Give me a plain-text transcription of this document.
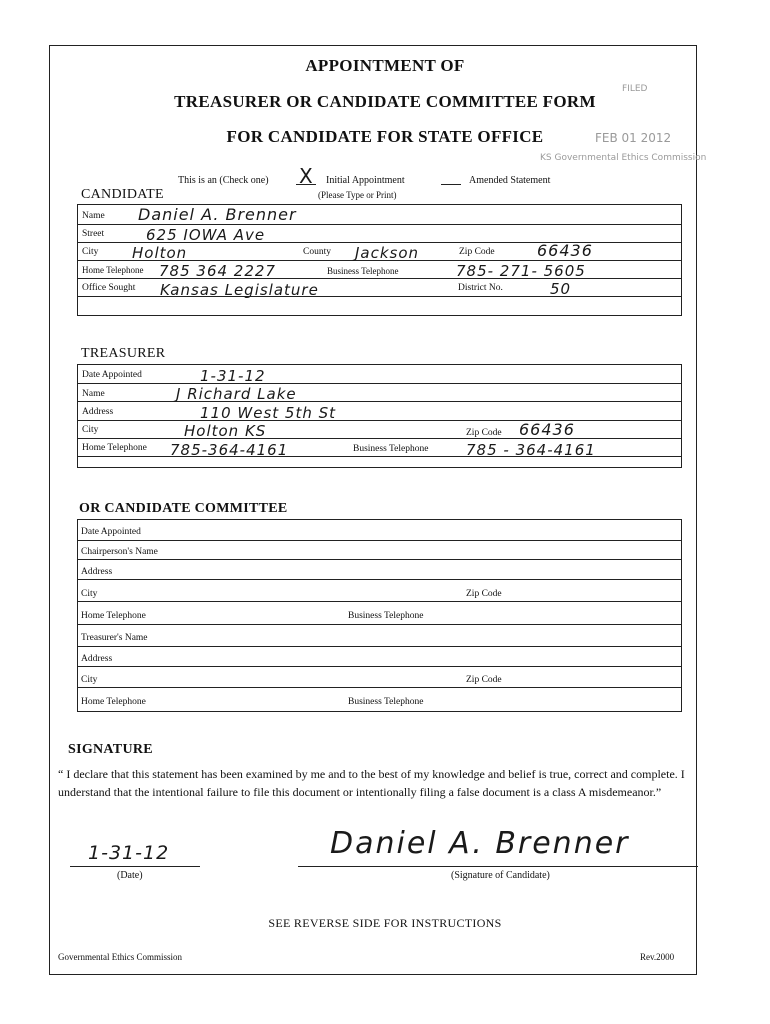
APPOINTMENT OF
TREASURER OR CANDIDATE COMMITTEE FORM
FOR CANDIDATE FOR STATE OFFICE
FILED
FEB 01 2012
KS Governmental Ethics Commission
This is an (Check one) X Initial Appointment	Amended Statement
(Please Type or Print)
CANDIDATE
Name Daniel A. Brenner
Street	625 IOWA Ave
City Holton	County Jackson	Zip Code	66436
Home Telephone 785 364 2227	Business Telephone	785- 271- 5605
Office Sought Kansas Legislature	District No.	50
TREASURER
Date Appointed	1-31-12
Name	J Richard Lake
Address	110 West 5th St
City	Holton KS	Zip Code 66436
Home Telephone 785-364-4161	Business Telephone	785 - 364-4161
OR CANDIDATE COMMITTEE
Date Appointed
Chairperson's Name
Address
City	Zip Code
Home Telephone	Business Telephone
Treasurer's Name
Address
City	Zip Code
Home Telephone	Business Telephone
SIGNATURE
“ I declare that this statement has been examined by me and to the best of my knowledge and belief is true, correct and complete. I understand that the intentional failure to file this document or intentionally filing a false document is a class A misdemeanor.”
1-31-12
(Date)
Daniel A. Brenner
(Signature of Candidate)
SEE REVERSE SIDE FOR INSTRUCTIONS
Governmental Ethics Commission	Rev.2000
